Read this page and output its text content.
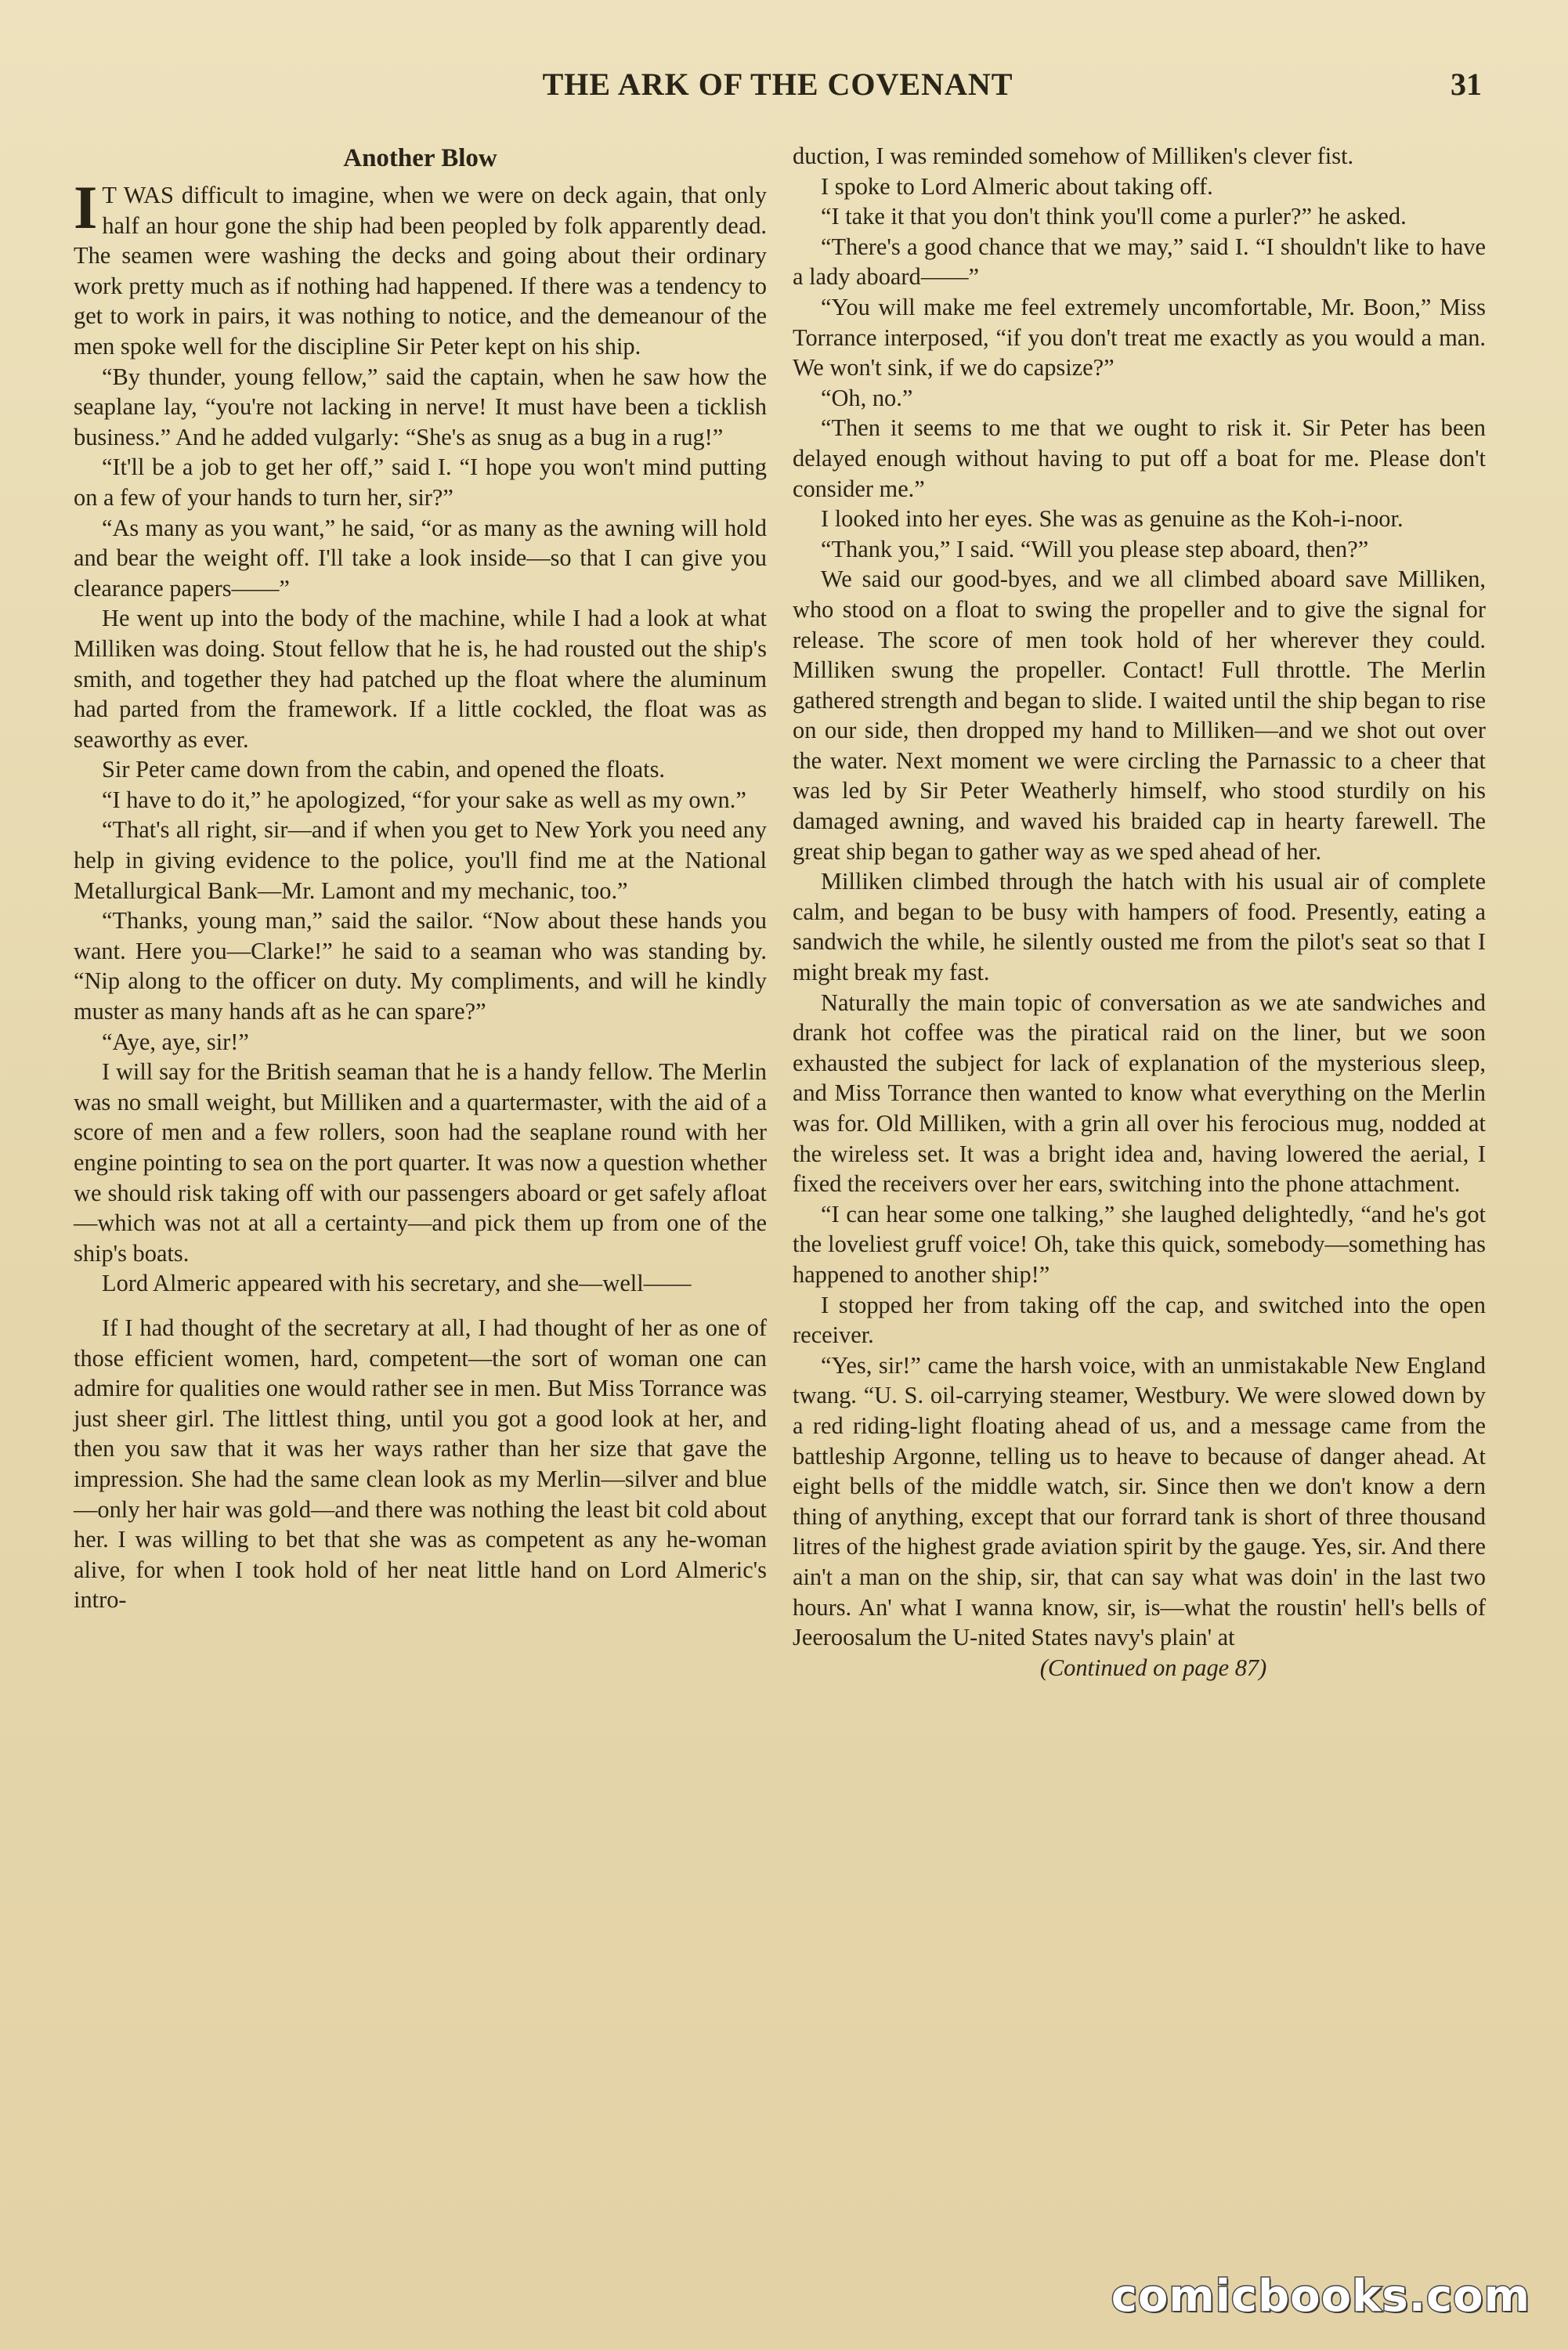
THE ARK OF THE COVENANT	31
Another Blow

I T WAS difficult to imagine, when we were on deck again, that only half an hour gone the ship had been peopled by folk apparently dead. The seamen were washing the decks and going about their ordinary work pretty much as if nothing had happened. If there was a tendency to get to work in pairs, it was nothing to notice, and the demeanour of the men spoke well for the discipline Sir Peter kept on his ship.

“By thunder, young fellow,” said the captain, when he saw how the seaplane lay, “you're not lacking in nerve! It must have been a ticklish business.” And he added vulgarly: “She's as snug as a bug in a rug!”

“It'll be a job to get her off,” said I. “I hope you won't mind putting on a few of your hands to turn her, sir?”

“As many as you want,” he said, “or as many as the awning will hold and bear the weight off. I'll take a look inside—so that I can give you clearance papers——”

He went up into the body of the machine, while I had a look at what Milliken was doing. Stout fellow that he is, he had rousted out the ship's smith, and together they had patched up the float where the aluminum had parted from the framework. If a little cockled, the float was as seaworthy as ever.

Sir Peter came down from the cabin, and opened the floats.

“I have to do it,” he apologized, “for your sake as well as my own.”

“That's all right, sir—and if when you get to New York you need any help in giving evidence to the police, you'll find me at the National Metallurgical Bank—Mr. Lamont and my mechanic, too.”

“Thanks, young man,” said the sailor. “Now about these hands you want. Here you—Clarke!” he said to a seaman who was standing by. “Nip along to the officer on duty. My compliments, and will he kindly muster as many hands aft as he can spare?”

“Aye, aye, sir!”

I will say for the British seaman that he is a handy fellow. The Merlin was no small weight, but Milliken and a quartermaster, with the aid of a score of men and a few rollers, soon had the seaplane round with her engine pointing to sea on the port quarter. It was now a question whether we should risk taking off with our passengers aboard or get safely afloat—which was not at all a certainty—and pick them up from one of the ship's boats.

Lord Almeric appeared with his secretary, and she—well——

If I had thought of the secretary at all, I had thought of her as one of those efficient women, hard, competent—the sort of woman one can admire for qualities one would rather see in men. But Miss Torrance was just sheer girl. The littlest thing, until you got a good look at her, and then you saw that it was her ways rather than her size that gave the impression. She had the same clean look as my Merlin—silver and blue—only her hair was gold—and there was nothing the least bit cold about her. I was willing to bet that she was as competent as any he-woman alive, for when I took hold of her neat little hand on Lord Almeric's intro-

duction, I was reminded somehow of Milliken's clever fist.

I spoke to Lord Almeric about taking off.

“I take it that you don't think you'll come a purler?” he asked.

“There's a good chance that we may,” said I. “I shouldn't like to have a lady aboard——”

“You will make me feel extremely uncomfortable, Mr. Boon,” Miss Torrance interposed, “if you don't treat me exactly as you would a man. We won't sink, if we do capsize?”

“Oh, no.”

“Then it seems to me that we ought to risk it. Sir Peter has been delayed enough without having to put off a boat for me. Please don't consider me.”

I looked into her eyes. She was as genuine as the Koh-i-noor.

“Thank you,” I said. “Will you please step aboard, then?”

We said our good-byes, and we all climbed aboard save Milliken, who stood on a float to swing the propeller and to give the signal for release. The score of men took hold of her wherever they could. Milliken swung the propeller. Contact! Full throttle. The Merlin gathered strength and began to slide. I waited until the ship began to rise on our side, then dropped my hand to Milliken—and we shot out over the water. Next moment we were circling the Parnassic to a cheer that was led by Sir Peter Weatherly himself, who stood sturdily on his damaged awning, and waved his braided cap in hearty farewell. The great ship began to gather way as we sped ahead of her.

Milliken climbed through the hatch with his usual air of complete calm, and began to be busy with hampers of food. Presently, eating a sandwich the while, he silently ousted me from the pilot's seat so that I might break my fast.

Naturally the main topic of conversation as we ate sandwiches and drank hot coffee was the piratical raid on the liner, but we soon exhausted the subject for lack of explanation of the mysterious sleep, and Miss Torrance then wanted to know what everything on the Merlin was for. Old Milliken, with a grin all over his ferocious mug, nodded at the wireless set. It was a bright idea and, having lowered the aerial, I fixed the receivers over her ears, switching into the phone attachment.

“I can hear some one talking,” she laughed delightedly, “and he's got the loveliest gruff voice! Oh, take this quick, somebody—something has happened to another ship!”

I stopped her from taking off the cap, and switched into the open receiver.

“Yes, sir!” came the harsh voice, with an unmistakable New England twang. “U. S. oil-carrying steamer, Westbury. We were slowed down by a red riding-light floating ahead of us, and a message came from the battleship Argonne, telling us to heave to because of danger ahead. At eight bells of the middle watch, sir. Since then we don't know a dern thing of anything, except that our forrard tank is short of three thousand litres of the highest grade aviation spirit by the gauge. Yes, sir. And there ain't a man on the ship, sir, that can say what was doin' in the last two hours. An' what I wanna know, sir, is—what the roustin' hell's bells of Jeeroosalum the U-nited States navy's plain' at

(Continued on page 87)

comicbooks.com
